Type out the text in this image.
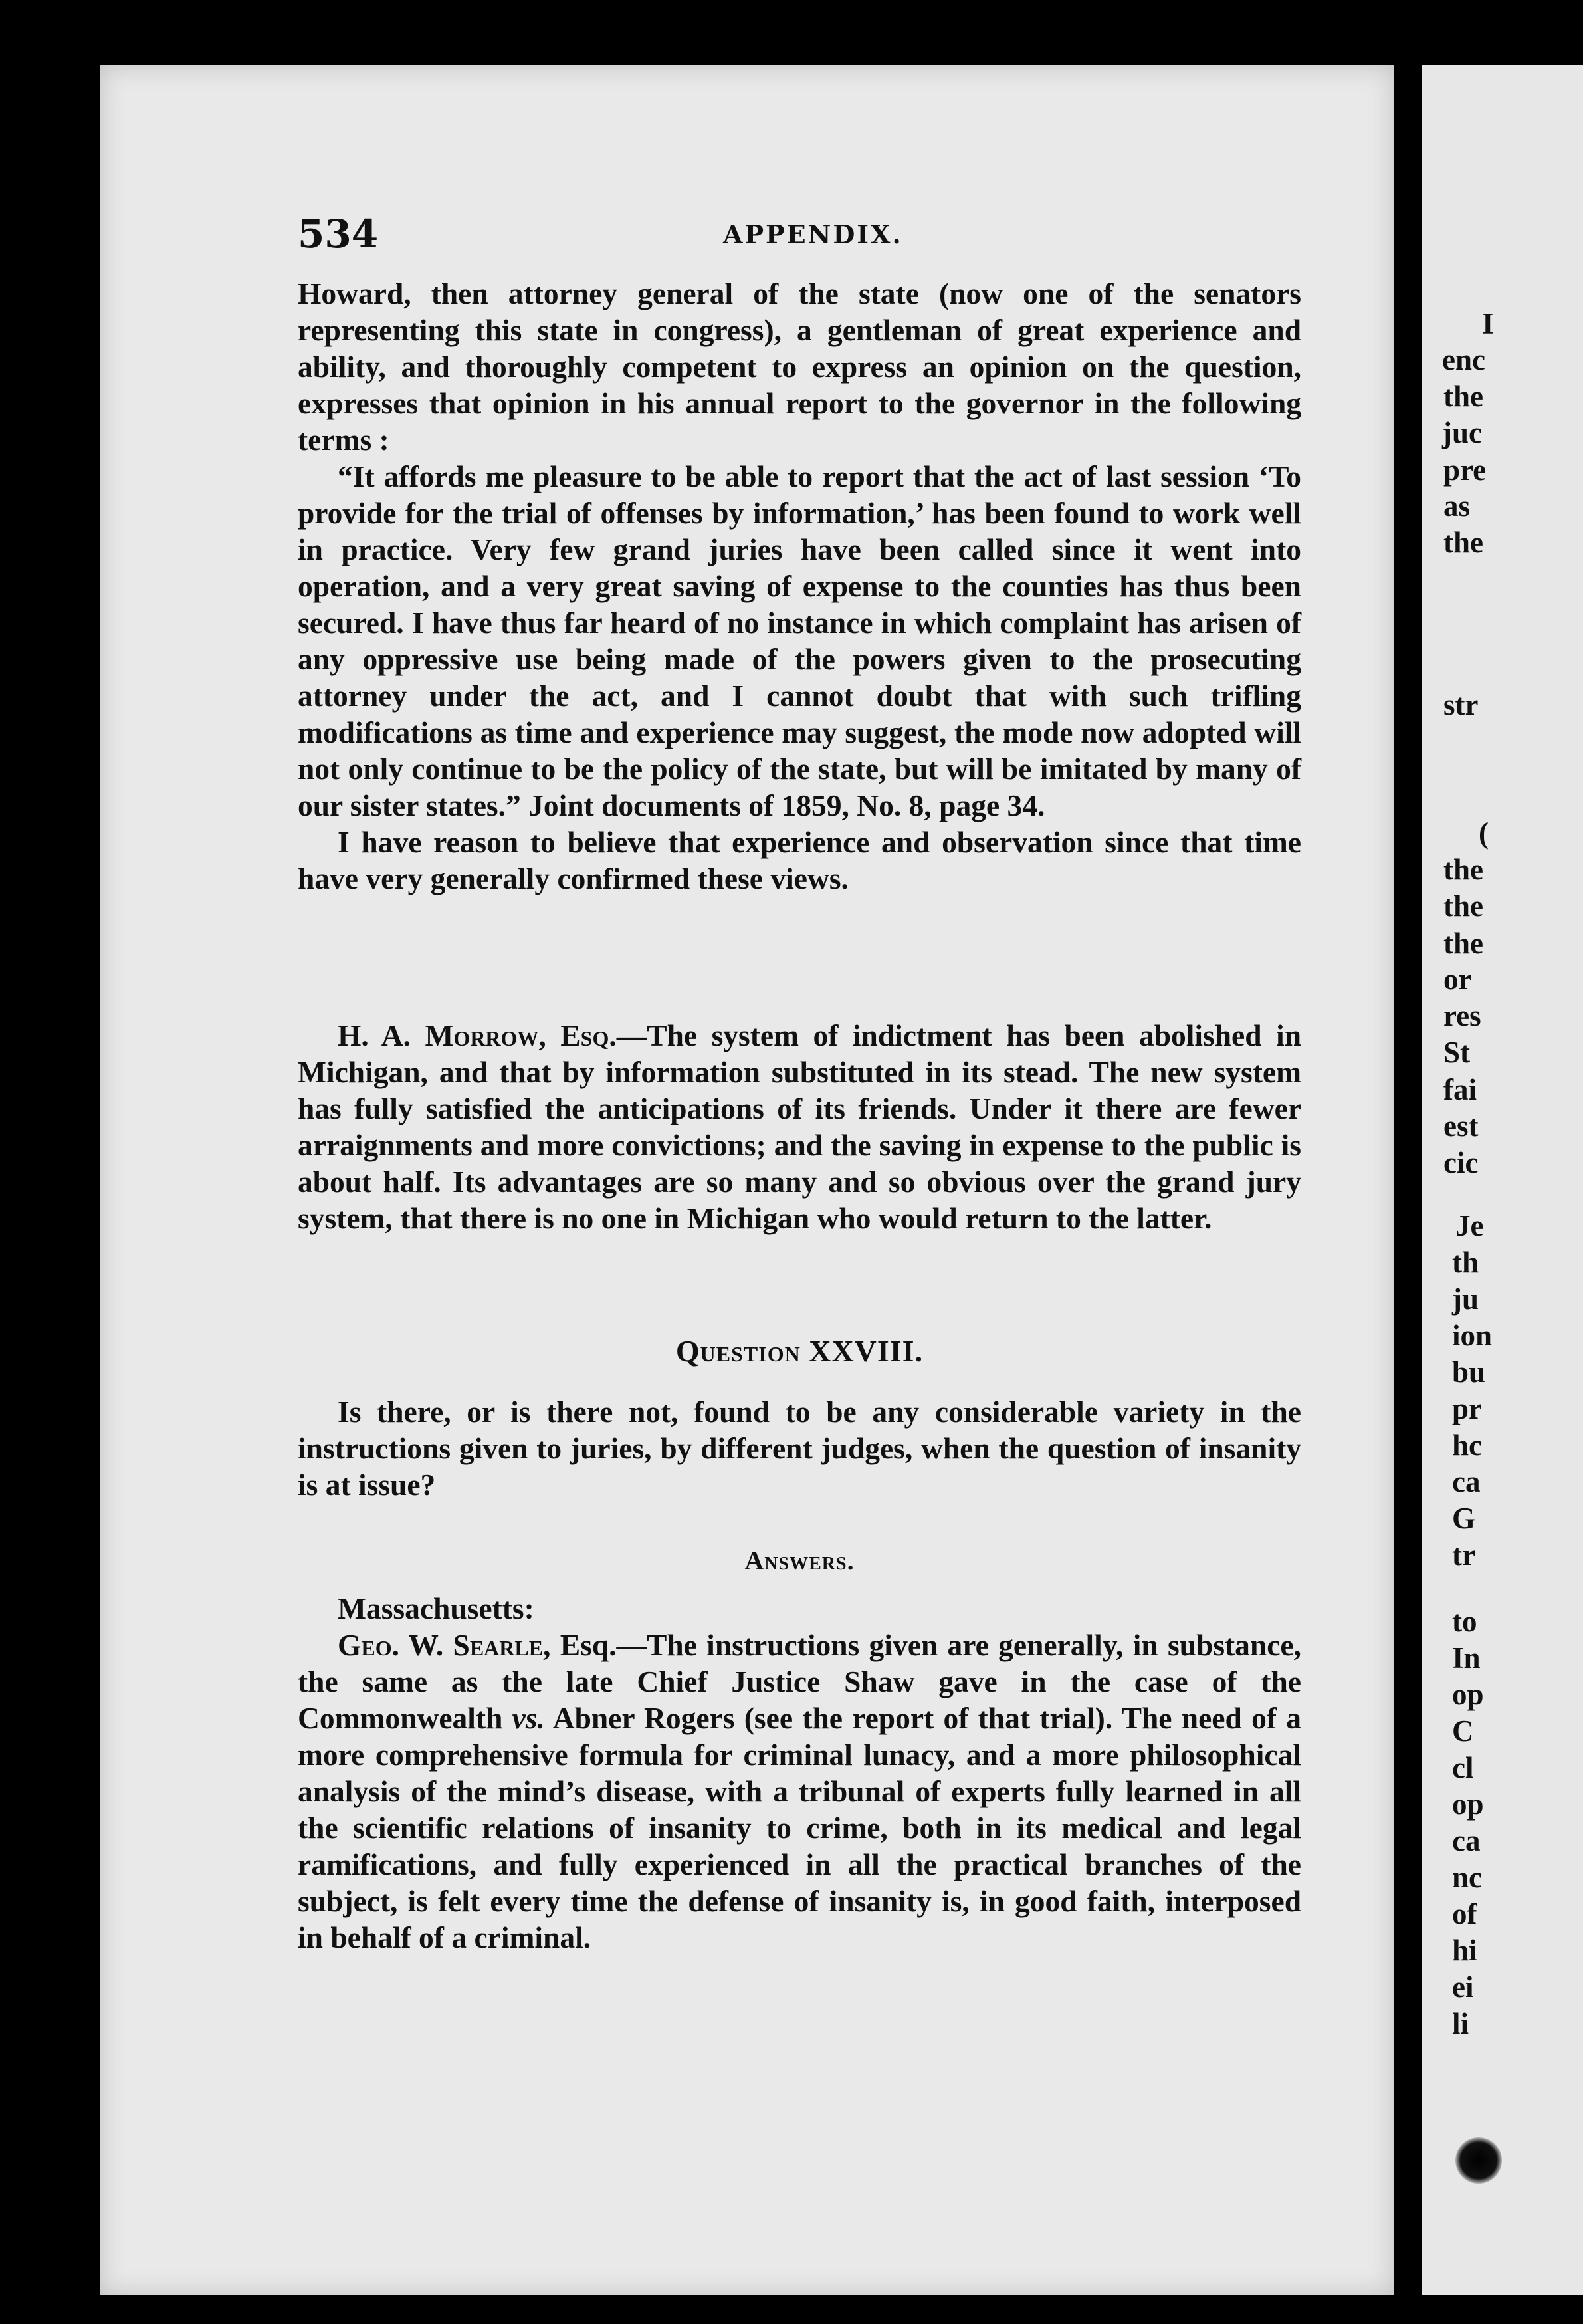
534	APPENDIX.

Howard, then attorney general of the state (now one of the senators representing this state in congress), a gentleman of great experience and ability, and thoroughly competent to express an opinion on the question, expresses that opinion in his annual report to the governor in the following terms :

“It affords me pleasure to be able to report that the act of last session ‘To provide for the trial of offenses by information,’ has been found to work well in practice. Very few grand juries have been called since it went into operation, and a very great saving of expense to the counties has thus been secured. I have thus far heard of no instance in which complaint has arisen of any oppressive use being made of the powers given to the prosecuting attorney under the act, and I cannot doubt that with such trifling modifications as time and experience may suggest, the mode now adopted will not only continue to be the policy of the state, but will be imitated by many of our sister states.” Joint documents of 1859, No. 8, page 34.

I have reason to believe that experience and observation since that time have very generally confirmed these views.

H. A. Morrow, Esq.—The system of indictment has been abolished in Michigan, and that by information substituted in its stead. The new system has fully satisfied the anticipations of its friends. Under it there are fewer arraignments and more convictions; and the saving in expense to the public is about half. Its advantages are so many and so obvious over the grand jury system, that there is no one in Michigan who would return to the latter.

Question XXVIII.

Is there, or is there not, found to be any considerable variety in the instructions given to juries, by different judges, when the question of insanity is at issue?

Answers.

Massachusetts:

Geo. W. Searle, Esq.—The instructions given are generally, in substance, the same as the late Chief Justice Shaw gave in the case of the Commonwealth vs. Abner Rogers (see the report of that trial). The need of a more comprehensive formula for criminal lunacy, and a more philosophical analysis of the mind’s disease, with a tribunal of experts fully learned in all the scientific relations of insanity to crime, both in its medical and legal ramifications, and fully experienced in all the practical branches of the subject, is felt every time the defense of insanity is, in good faith, interposed in behalf of a criminal.

I
enc
the
juc
pre
as
the
str
(
the
the
the
or
res
St
fai
est
cic
Je
th
ju
ion
bu
pr
hc
ca
G
tr
to
In
op
C
cl
op
ca
nc
of
hi
ei
li
